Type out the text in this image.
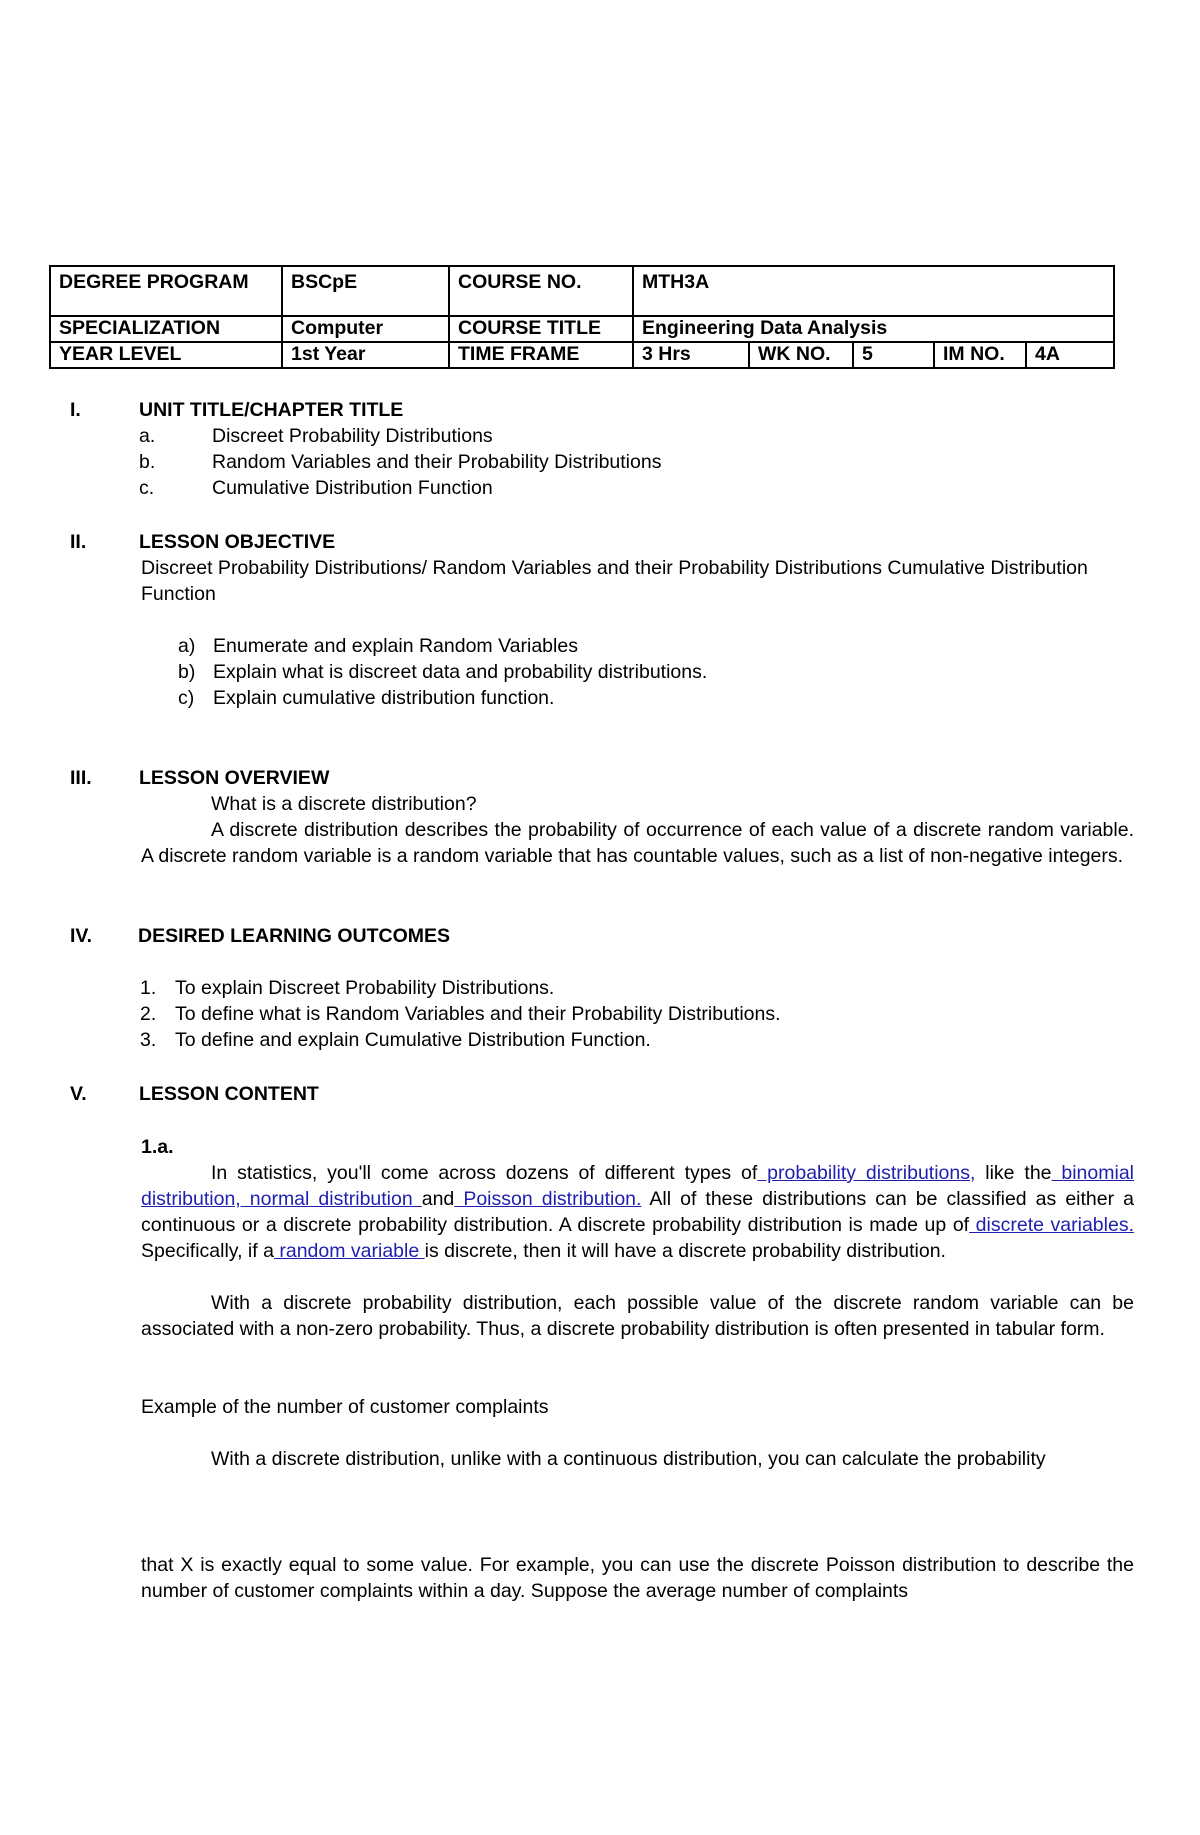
DEGREE PROGRAM	BSCpE	COURSE NO.	MTH3A				
SPECIALIZATION	Computer	COURSE TITLE	Engineering Data Analysis				
YEAR LEVEL	1st Year	TIME FRAME	3 Hrs	WK NO.	5	IM NO.	4A
I.	UNIT TITLE/CHAPTER TITLE
a.	Discreet Probability Distributions
b.	Random Variables and their Probability Distributions
c.	Cumulative Distribution Function
II.	LESSON OBJECTIVE
Discreet Probability Distributions/ Random Variables and their Probability Distributions Cumulative Distribution Function
a) Enumerate and explain Random Variables
b) Explain what is discreet data and probability distributions.
c) Explain cumulative distribution function.
III. LESSON OVERVIEW
What is a discrete distribution?
A discrete distribution describes the probability of occurrence of each value of a discrete random variable. A discrete random variable is a random variable that has countable values, such as a list of non-negative integers.
IV. DESIRED LEARNING OUTCOMES
1. To explain Discreet Probability Distributions.
2. To define what is Random Variables and their Probability Distributions.
3. To define and explain Cumulative Distribution Function.
V.	LESSON CONTENT
1.a.
In statistics, you'll come across dozens of different types of probability distributions, like the binomial distribution, normal distribution and Poisson distribution. All of these distributions can be classified as either a continuous or a discrete probability distribution. A discrete probability distribution is made up of discrete variables. Specifically, if a random variable is discrete, then it will have a discrete probability distribution.
With a discrete probability distribution, each possible value of the discrete random variable can be associated with a non-zero probability. Thus, a discrete probability distribution is often presented in tabular form.
Example of the number of customer complaints
With a discrete distribution, unlike with a continuous distribution, you can calculate the probability
that X is exactly equal to some value. For example, you can use the discrete Poisson distribution to describe the number of customer complaints within a day. Suppose the average number of complaints
